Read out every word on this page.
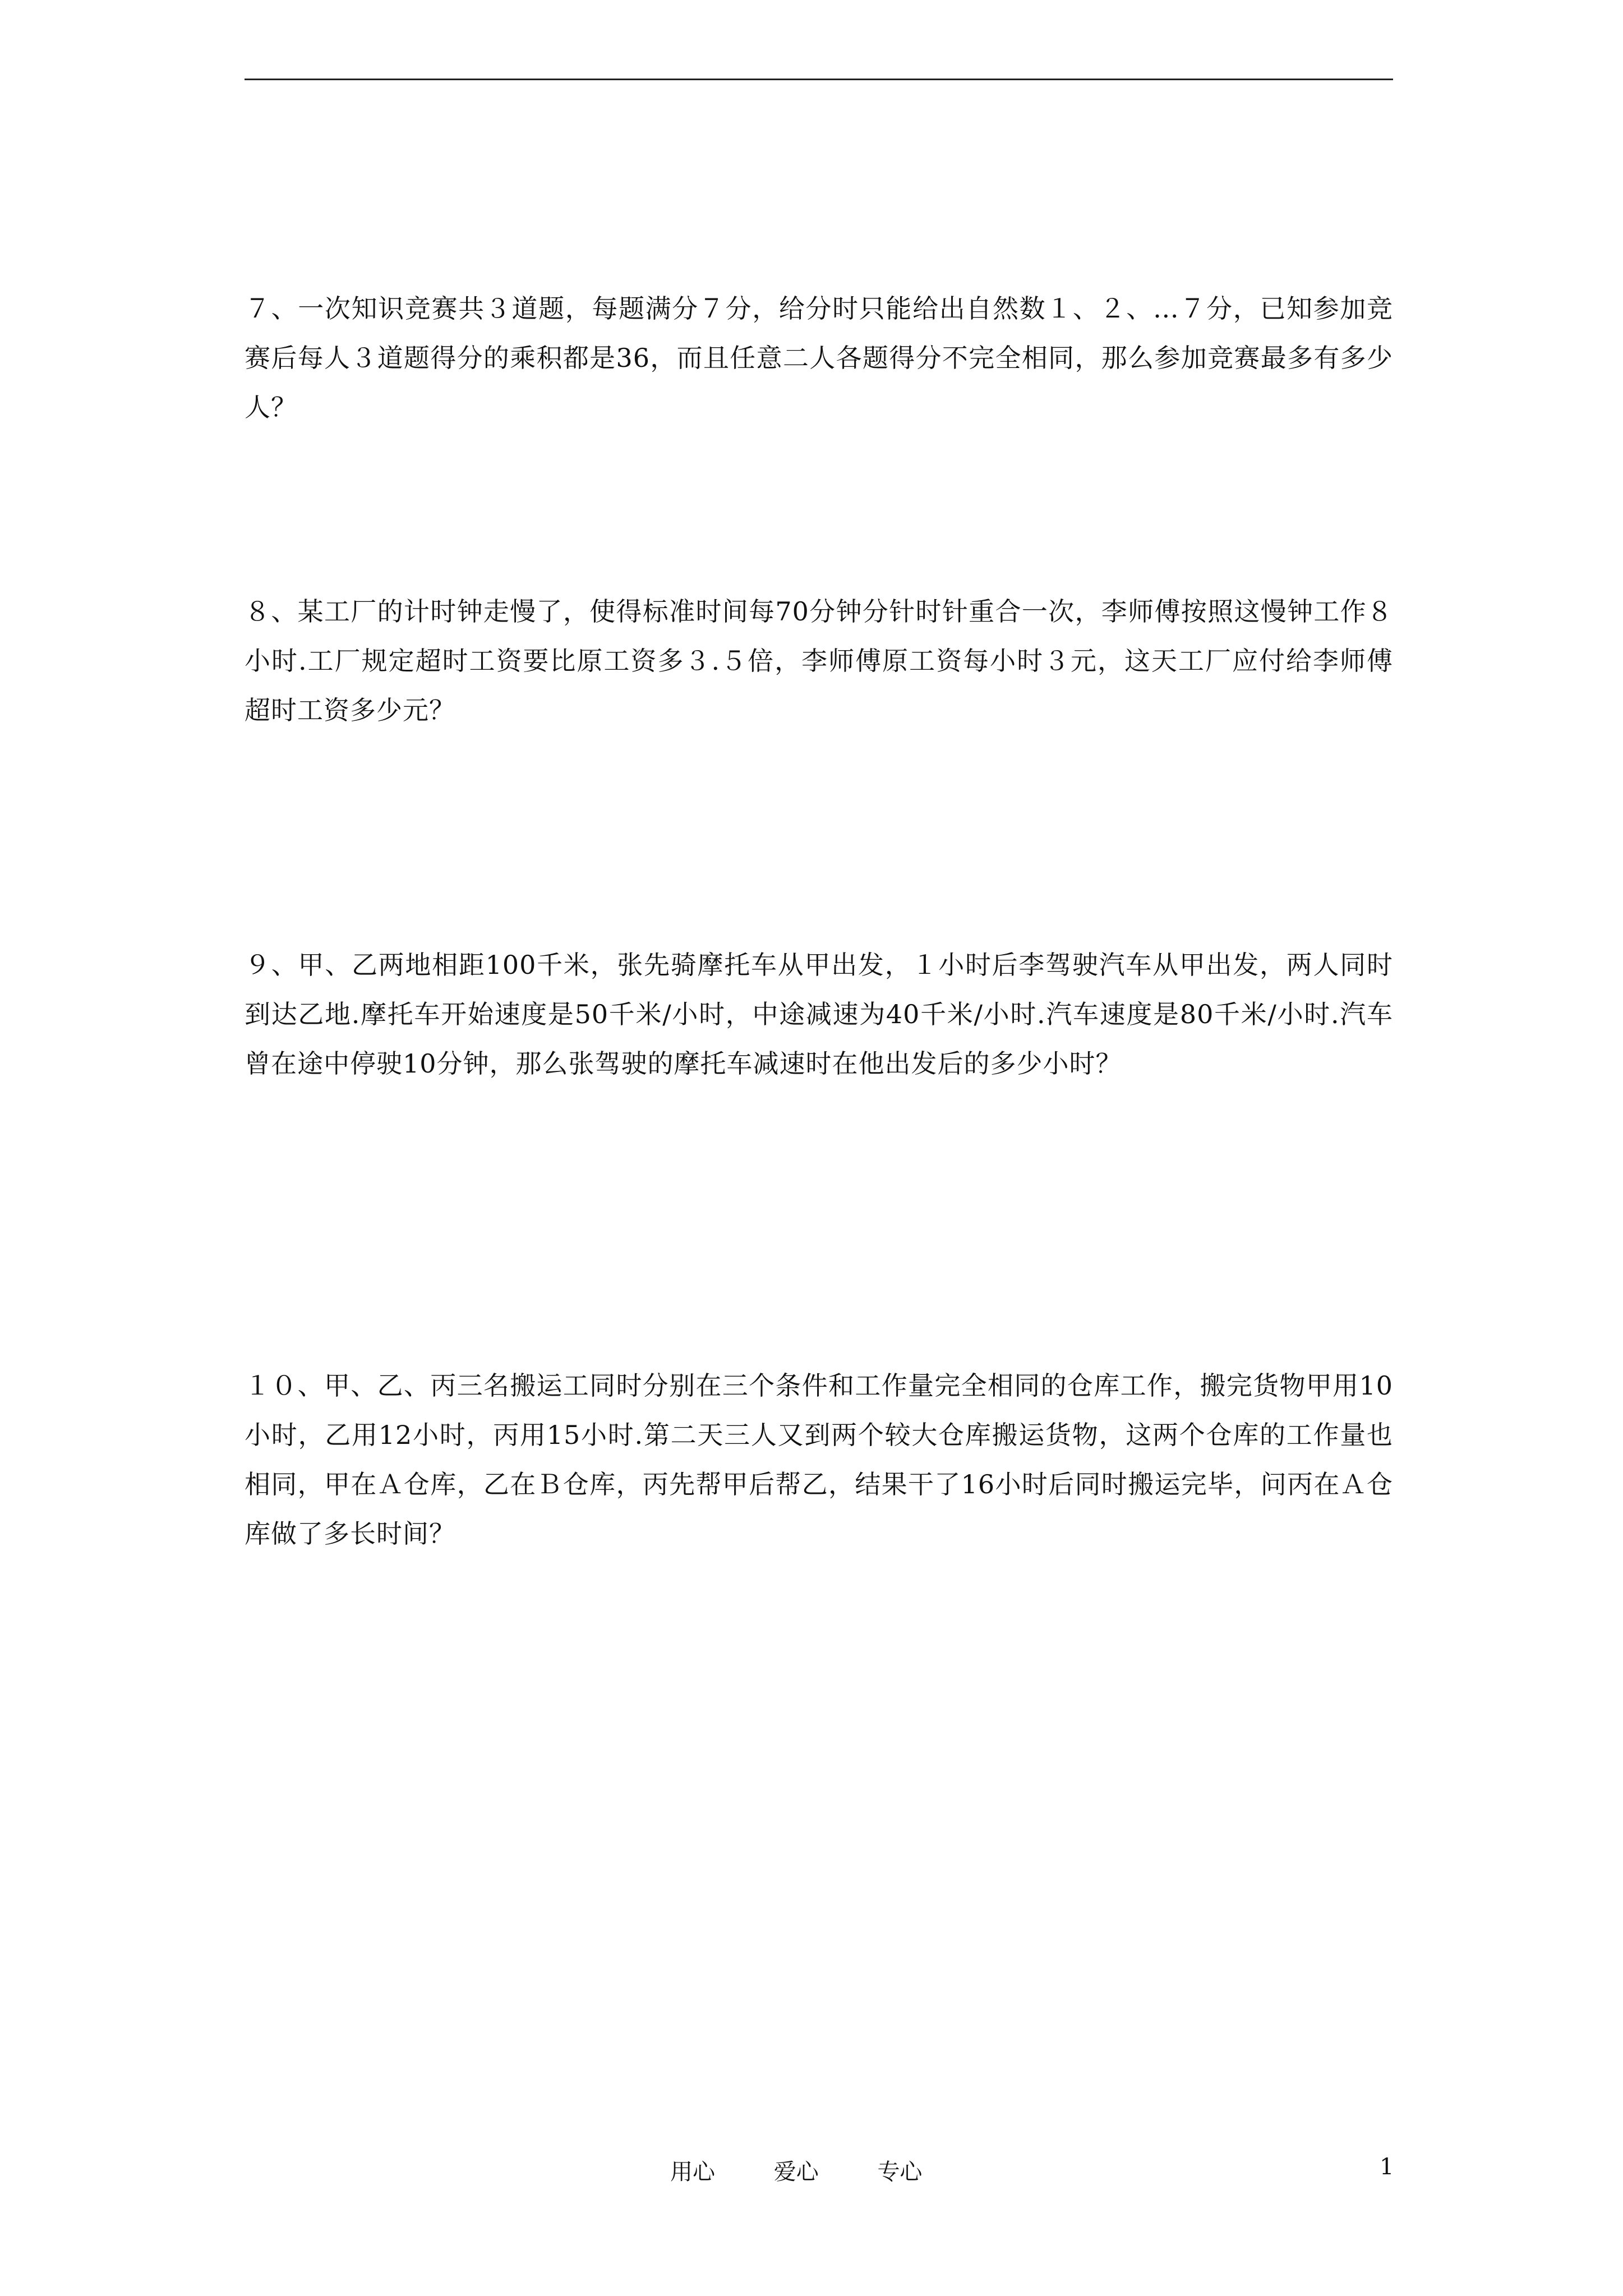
７、一次知识竞赛共３道题，每题满分７分，给分时只能给出自然数１、２、…７分，已知参加竞赛后每人３道题得分的乘积都是36，而且任意二人各题得分不完全相同，那么参加竞赛最多有多少人？

８、某工厂的计时钟走慢了，使得标准时间每70分钟分针时针重合一次，李师傅按照这慢钟工作８小时.工厂规定超时工资要比原工资多３.５倍，李师傅原工资每小时３元，这天工厂应付给李师傅超时工资多少元？

９、甲、乙两地相距100千米，张先骑摩托车从甲出发，１小时后李驾驶汽车从甲出发，两人同时到达乙地.摩托车开始速度是50千米/小时，中途减速为40千米/小时.汽车速度是80千米/小时.汽车曾在途中停驶10分钟，那么张驾驶的摩托车减速时在他出发后的多少小时？

１０、甲、乙、丙三名搬运工同时分别在三个条件和工作量完全相同的仓库工作，搬完货物甲用10小时，乙用12小时，丙用15小时.第二天三人又到两个较大仓库搬运货物，这两个仓库的工作量也相同，甲在Ａ仓库，乙在Ｂ仓库，丙先帮甲后帮乙，结果干了16小时后同时搬运完毕，问丙在Ａ仓库做了多长时间？

用心	爱心	专心	1
